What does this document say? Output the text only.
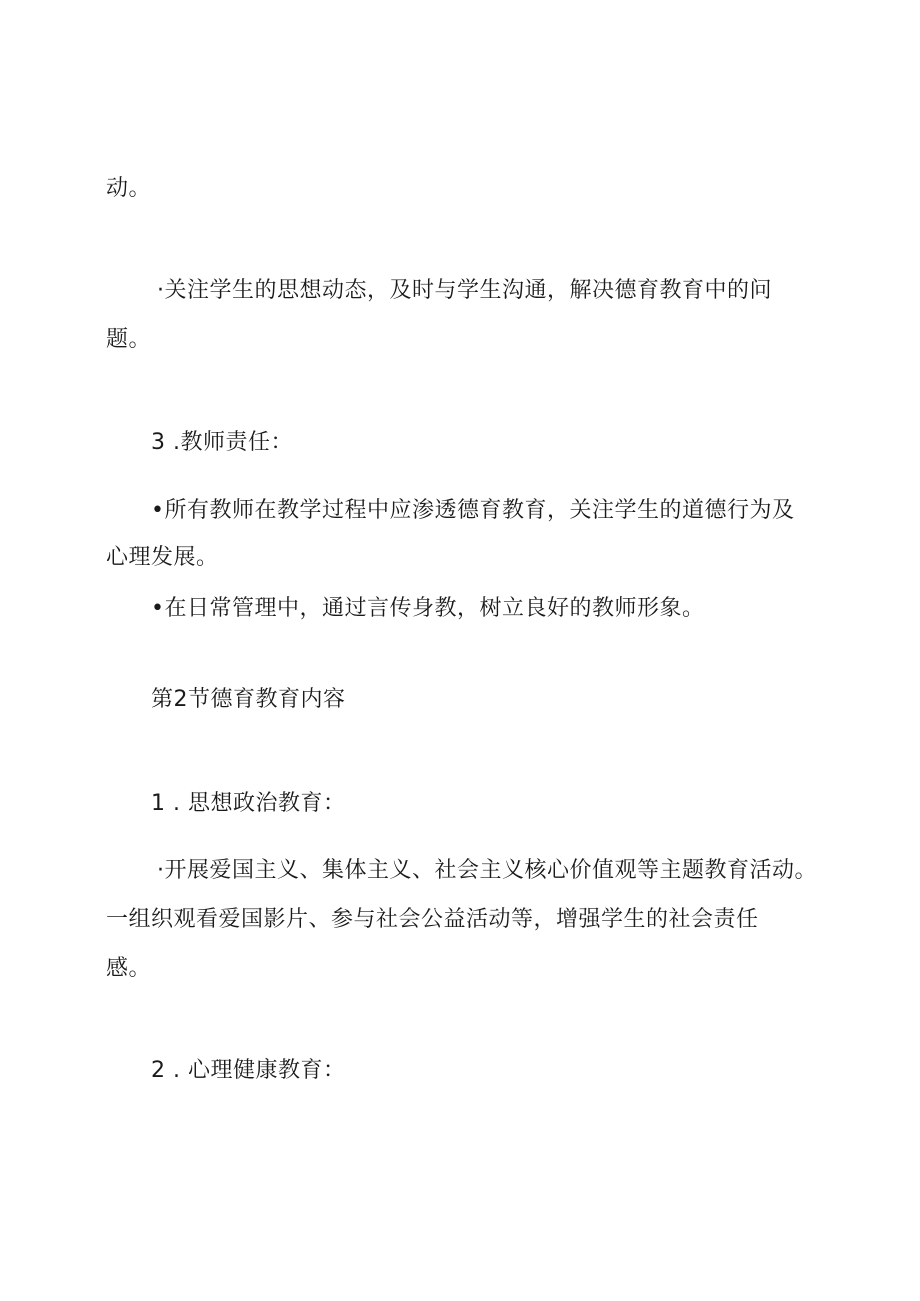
动。
·关注学生的思想动态，及时与学生沟通，解决德育教育中的问
题。
3 .教师责任：
•所有教师在教学过程中应渗透德育教育，关注学生的道德行为及
心理发展。
•在日常管理中，通过言传身教，树立良好的教师形象。
第2节德育教育内容
1 . 思想政治教育：
·开展爱国主义、集体主义、社会主义核心价值观等主题教育活动。
一组织观看爱国影片、参与社会公益活动等，增强学生的社会责任
感。
2 . 心理健康教育：
